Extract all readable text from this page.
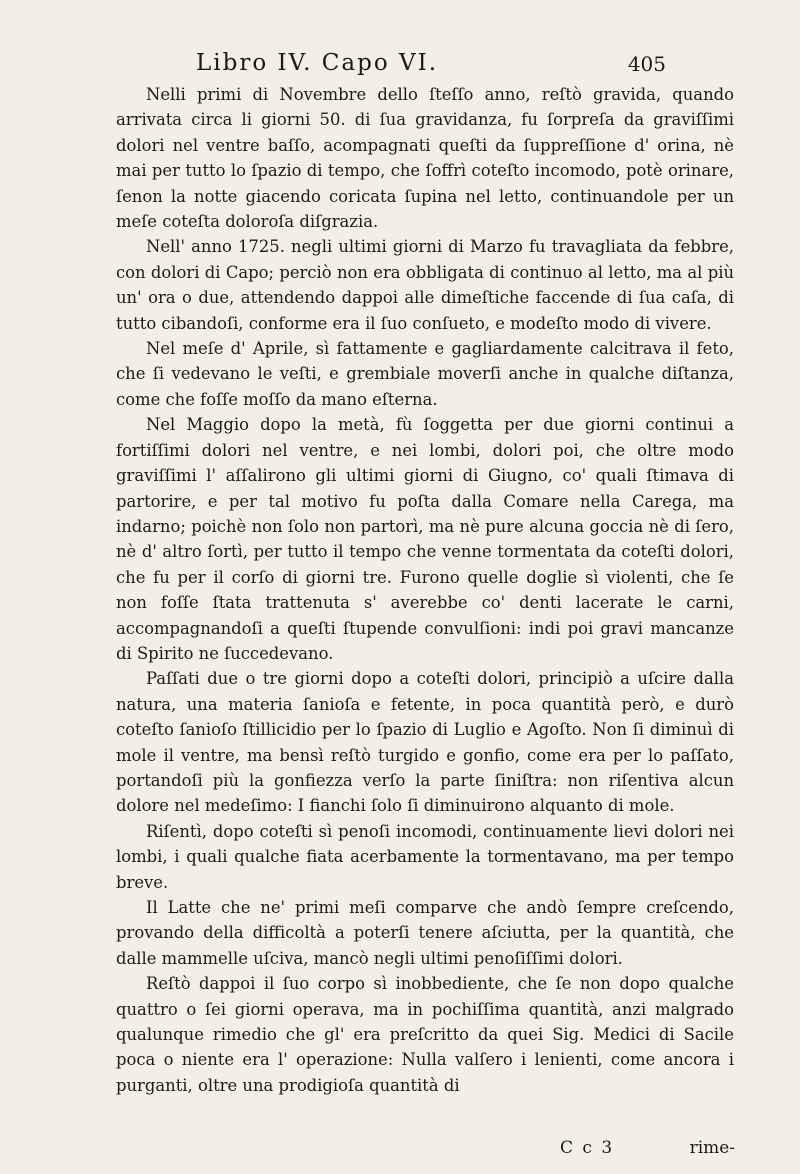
Libro IV. Capo VI.	405

Nelli primi di Novembre dello ſteſſo anno, reſtò gravida, quando arrivata circa li giorni 50. di ſua gravidanza, fu ſorpreſa da graviſſimi dolori nel ventre baſſo, acompagnati queſti da ſuppreſſione d' orina, nè mai per tutto lo ſpazio di tempo, che ſoffrì coteſto incomodo, potè orinare, ſenon la notte giacendo coricata ſupina nel letto, continuandole per un meſe coteſta doloroſa diſgrazia.

Nell' anno 1725. negli ultimi giorni di Marzo fu travagliata da febbre, con dolori di Capo; perciò non era obbligata di continuo al letto, ma al più un' ora o due, attendendo dappoi alle dimeſtiche faccende di ſua caſa, di tutto cibandoſi, conforme era il ſuo conſueto, e modeſto modo di vivere.

Nel meſe d' Aprile, sì fattamente e gagliardamente calcitrava il feto, che ſi vedevano le veſti, e grembiale moverſi anche in qualche diſtanza, come che foſſe moſſo da mano eſterna.

Nel Maggio dopo la metà, fù ſoggetta per due giorni continui a fortiſſimi dolori nel ventre, e nei lombi, dolori poi, che oltre modo graviſſimi l' aſſalirono gli ultimi giorni di Giugno, co' quali ſtimava di partorire, e per tal motivo fu poſta dalla Comare nella Carega, ma indarno; poichè non ſolo non partorì, ma nè pure alcuna goccia nè di ſero, nè d' altro ſortì, per tutto il tempo che venne tormentata da coteſti dolori, che fu per il corſo di giorni tre. Furono quelle doglie sì violenti, che ſe non foſſe ſtata trattenuta s' averebbe co' denti lacerate le carni, accompagnandoſi a queſti ſtupende convulſioni: indi poi gravi mancanze di Spirito ne ſuccedevano.

Paſſati due o tre giorni dopo a coteſti dolori, principiò a uſcire dalla natura, una materia ſanioſa e fetente, in poca quantità però, e durò coteſto ſanioſo ſtillicidio per lo ſpazio di Luglio e Agoſto. Non ſi diminuì di mole il ventre, ma bensì reſtò turgido e gonfio, come era per lo paſſato, portandoſi più la gonfiezza verſo la parte ſiniſtra: non riſentiva alcun dolore nel medeſimo: I fianchi ſolo ſi diminuirono alquanto di mole.

Riſentì, dopo coteſti sì penoſi incomodi, continuamente lievi dolori nei lombi, i quali qualche fiata acerbamente la tormentavano, ma per tempo breve.

Il Latte che ne' primi meſi comparve che andò ſempre creſcendo, provando della difficoltà a poterſi tenere aſciutta, per la quantità, che dalle mammelle uſciva, mancò negli ultimi penoſiſſimi dolori.

Reſtò dappoi il ſuo corpo sì inobbediente, che ſe non dopo qualche quattro o ſei giorni operava, ma in pochiſſima quantità, anzi malgrado qualunque rimedio che gl' era preſcritto da quei Sig. Medici di Sacile poca o niente era l' operazione: Nulla valſero i lenienti, come ancora i purganti, oltre una prodigioſa quantità di

C c 3	rime-
